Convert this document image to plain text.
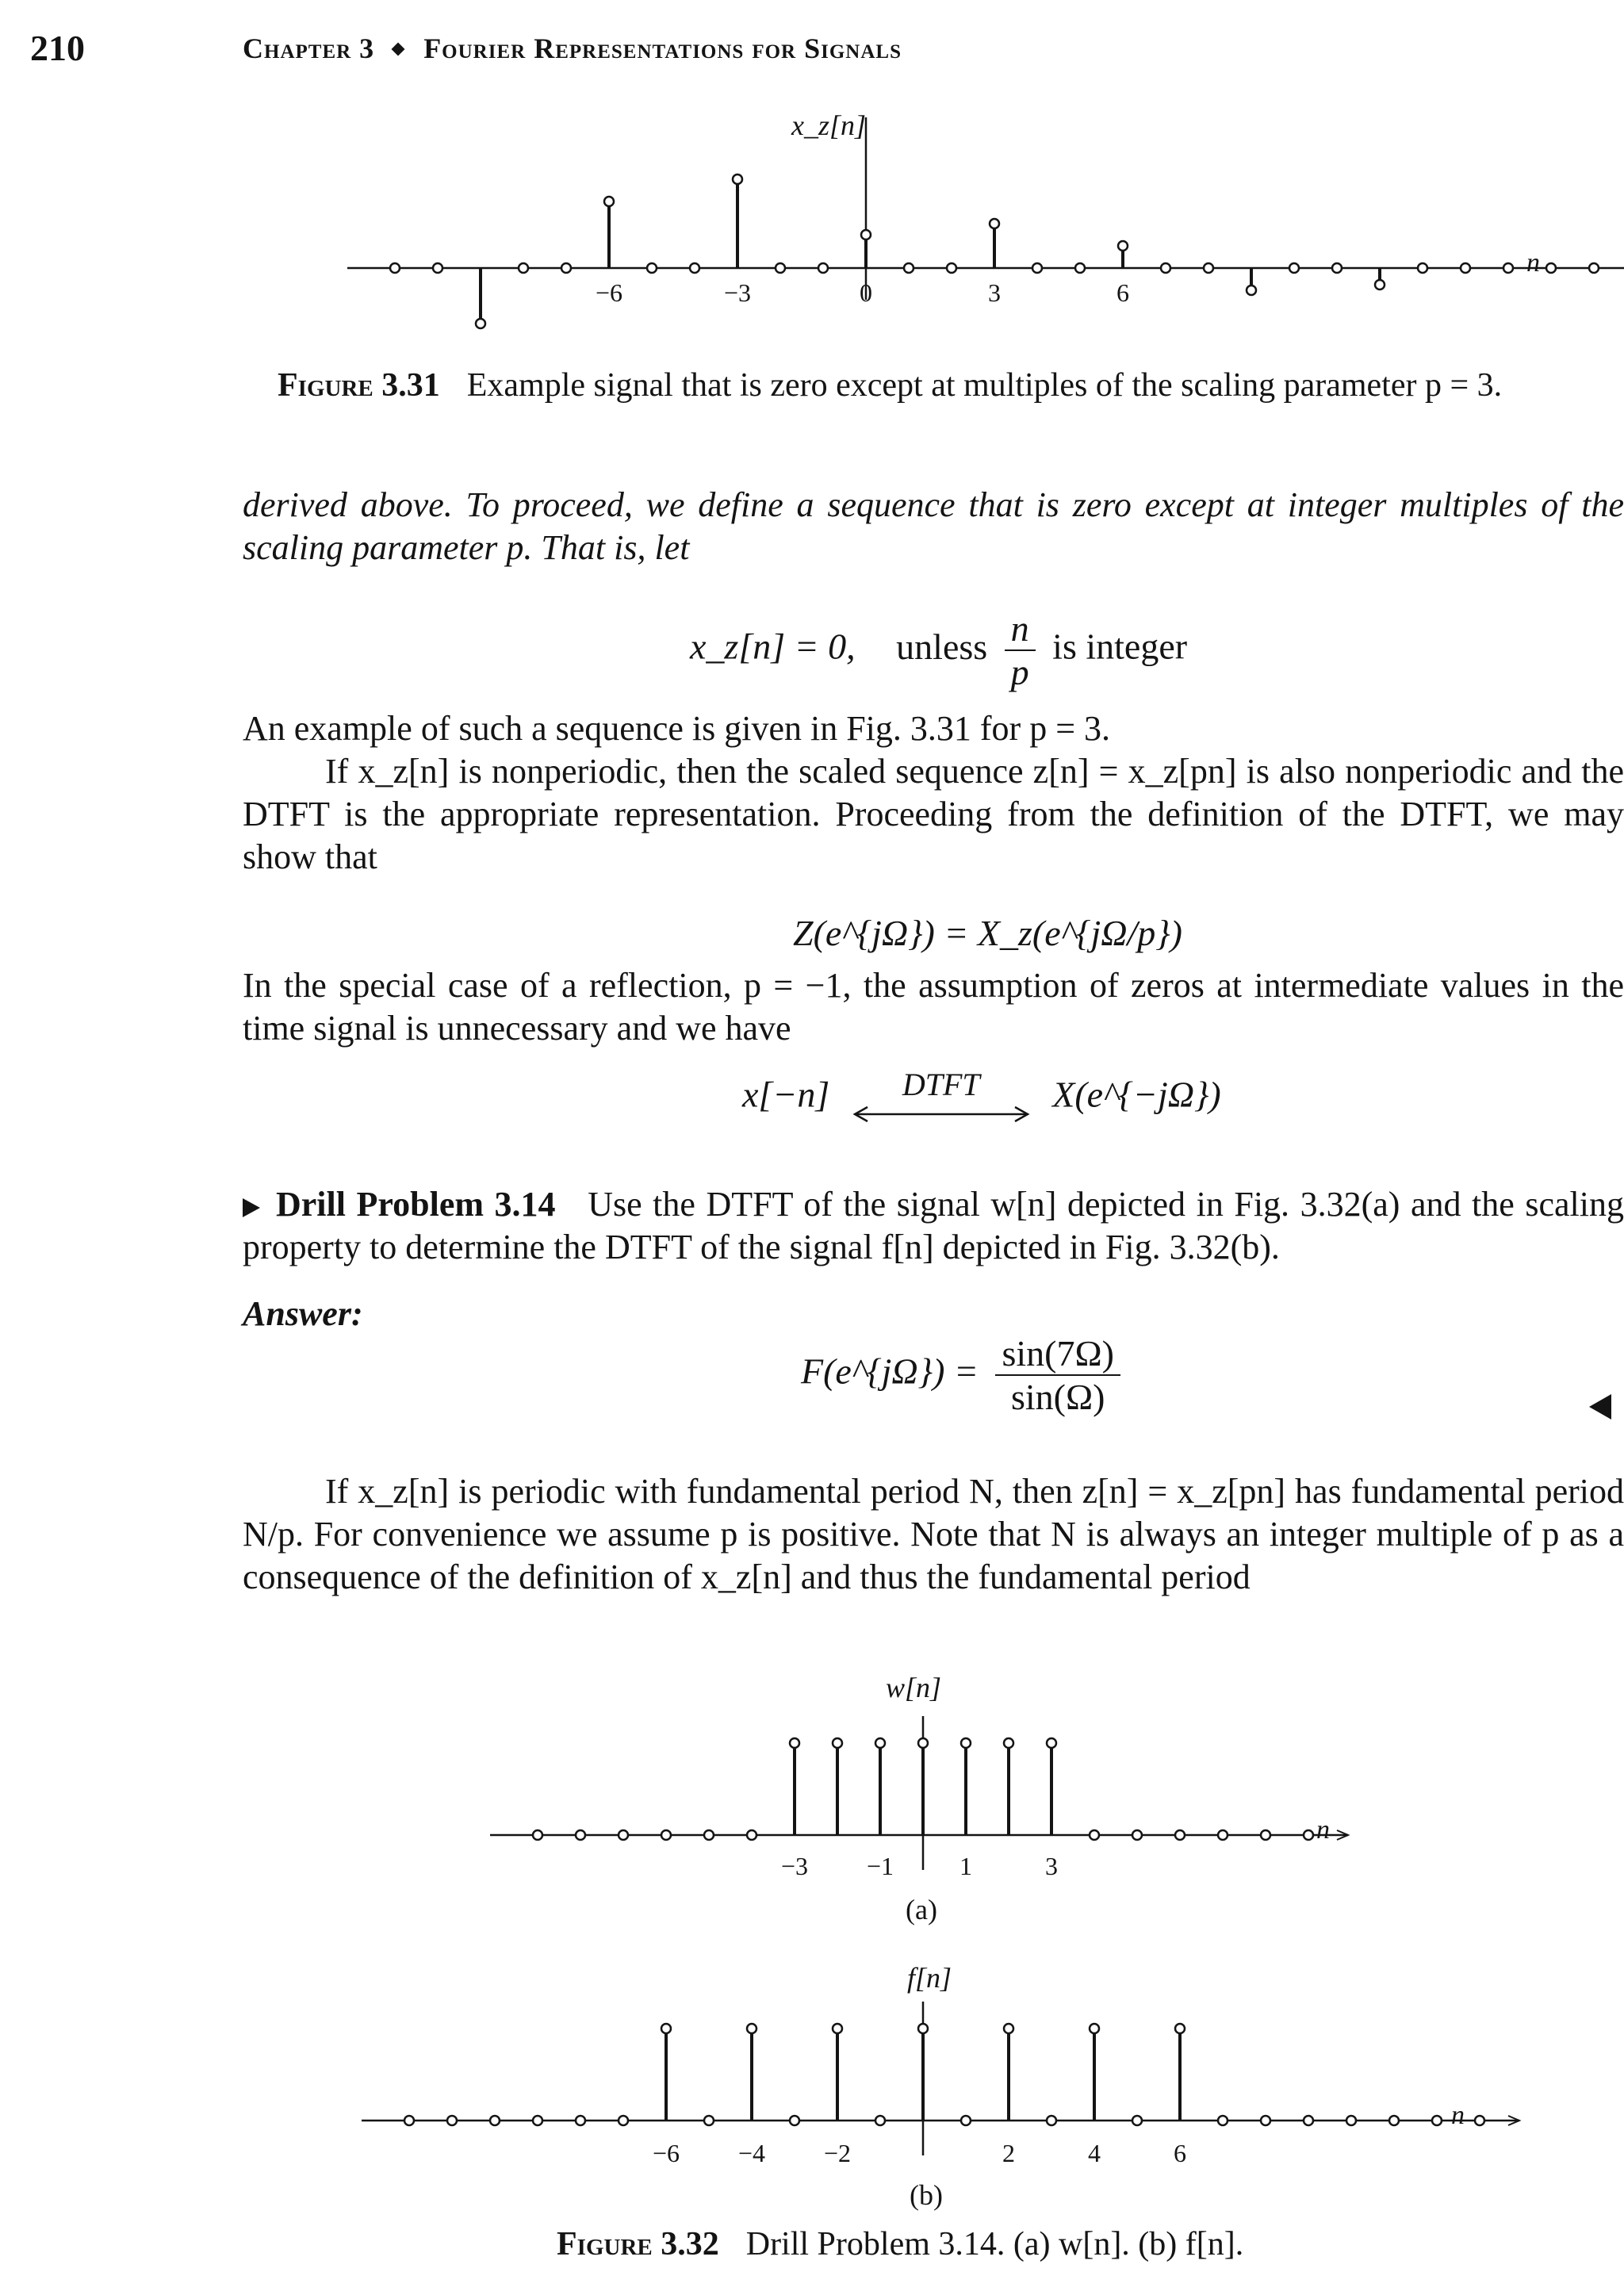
210	Chapter 3 Fourier Representations for Signals
−6	−3	0	3	6
x_z[n]
n
Figure 3.31 Example signal that is zero except at multiples of the scaling parameter p = 3.
derived above. To proceed, we define a sequence that is zero except at integer multiples of the scaling parameter p. That is, let
x_z[n] = 0, unless $\frac{n}{p}$ is integer
An example of such a sequence is given in Fig. 3.31 for p = 3.
If x_z[n] is nonperiodic, then the scaled sequence z[n] = x_z[pn] is also nonperiodic and the DTFT is the appropriate representation. Proceeding from the definition of the DTFT, we may show that
Z(e^{jΩ}) = X_z(e^{jΩ/p})
In the special case of a reflection, p = −1, the assumption of zeros at intermediate values in the time signal is unnecessary and we have
x[−n]	DTFT	X(e^{−jΩ})
Drill Problem 3.14 Use the DTFT of the signal w[n] depicted in Fig. 3.32(a) and the scaling property to determine the DTFT of the signal f[n] depicted in Fig. 3.32(b).
Answer:
F(e^{jΩ}) = $\frac{\sin(7\Omega)}{\sin(\Omega)}$
If x_z[n] is periodic with fundamental period N, then z[n] = x_z[pn] has fundamental period N/p. For convenience we assume p is positive. Note that N is always an integer multiple of p as a consequence of the definition of x_z[n] and thus the fundamental period
−3 −1	1	3
−6 −4 −2	2	4	6
w[n]
n
(a)
f[n]
n
(b)
Figure 3.32 Drill Problem 3.14. (a) w[n]. (b) f[n].
